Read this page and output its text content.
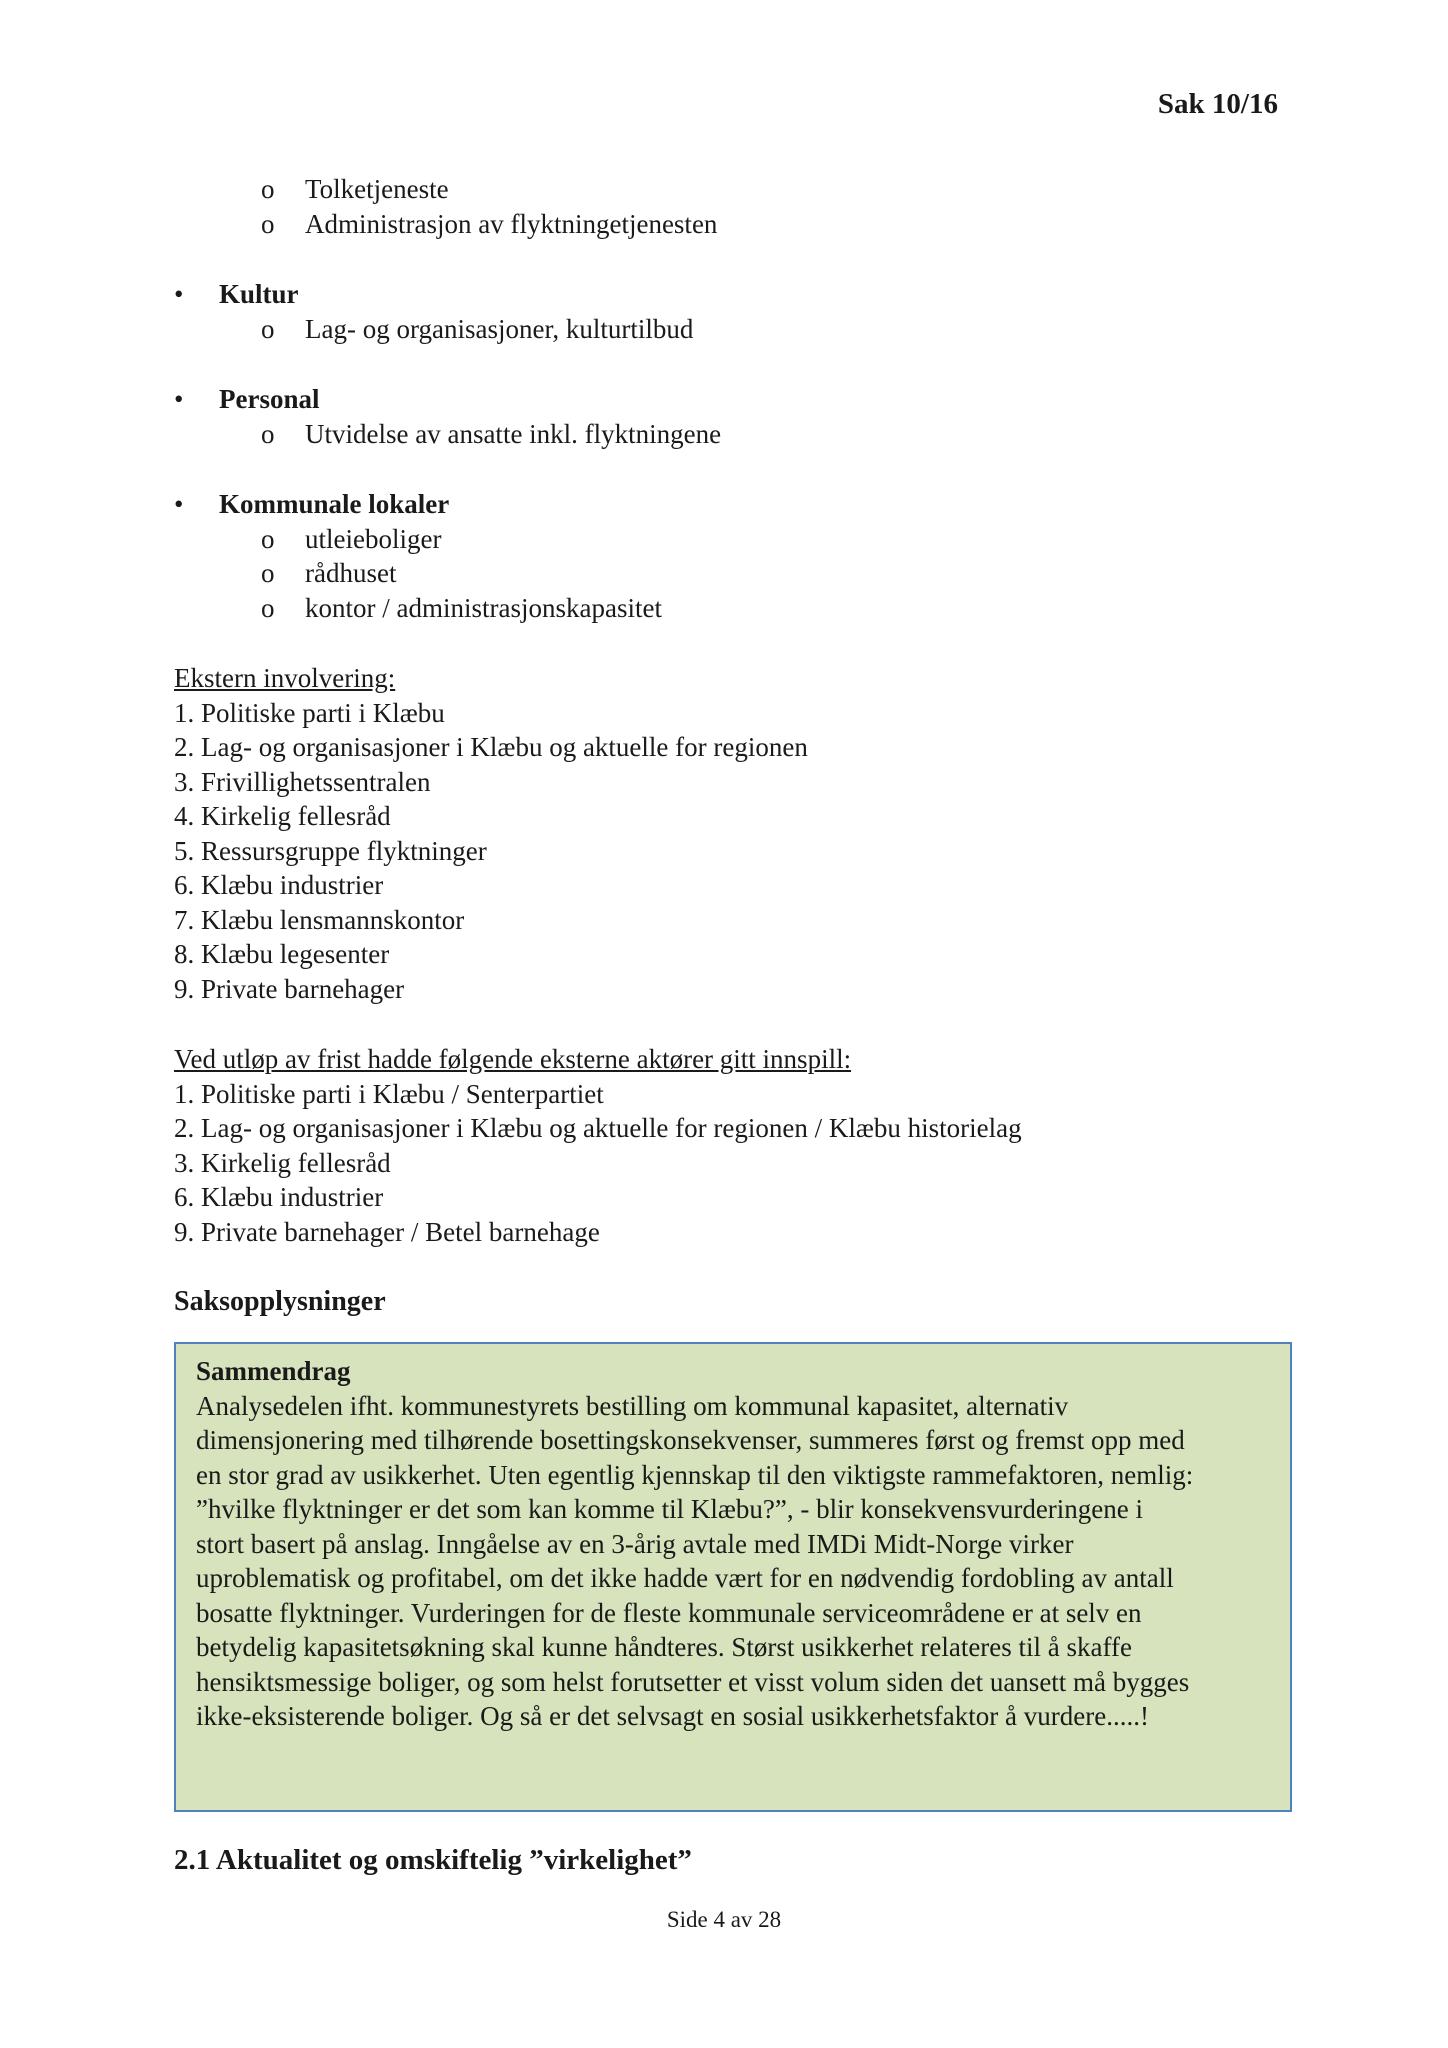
Sak 10/16
o Tolketjeneste
o Administrasjon av flyktningetjenesten
• Kultur
o Lag- og organisasjoner, kulturtilbud
• Personal
o Utvidelse av ansatte inkl. flyktningene
• Kommunale lokaler
o utleieboliger
o rådhuset
o kontor / administrasjonskapasitet
Ekstern involvering:
1. Politiske parti i Klæbu
2. Lag- og organisasjoner i Klæbu og aktuelle for regionen
3. Frivillighetssentralen
4. Kirkelig fellesråd
5. Ressursgruppe flyktninger
6. Klæbu industrier
7. Klæbu lensmannskontor
8. Klæbu legesenter
9. Private barnehager
Ved utløp av frist hadde følgende eksterne aktører gitt innspill:
1. Politiske parti i Klæbu / Senterpartiet
2. Lag- og organisasjoner i Klæbu og aktuelle for regionen / Klæbu historielag
3. Kirkelig fellesråd
6. Klæbu industrier
9. Private barnehager / Betel barnehage
Saksopplysninger
Sammendrag
Analysedelen ifht. kommunestyrets bestilling om kommunal kapasitet, alternativ
dimensjonering med tilhørende bosettingskonsekvenser, summeres først og fremst opp med
en stor grad av usikkerhet. Uten egentlig kjennskap til den viktigste rammefaktoren, nemlig:
”hvilke flyktninger er det som kan komme til Klæbu?”, - blir konsekvensvurderingene i
stort basert på anslag. Inngåelse av en 3-årig avtale med IMDi Midt-Norge virker
uproblematisk og profitabel, om det ikke hadde vært for en nødvendig fordobling av antall
bosatte flyktninger. Vurderingen for de fleste kommunale serviceområdene er at selv en
betydelig kapasitetsøkning skal kunne håndteres. Størst usikkerhet relateres til å skaffe
hensiktsmessige boliger, og som helst forutsetter et visst volum siden det uansett må bygges
ikke-eksisterende boliger. Og så er det selvsagt en sosial usikkerhetsfaktor å vurdere.....!
2.1 Aktualitet og omskiftelig ”virkelighet”
Side 4 av 28
